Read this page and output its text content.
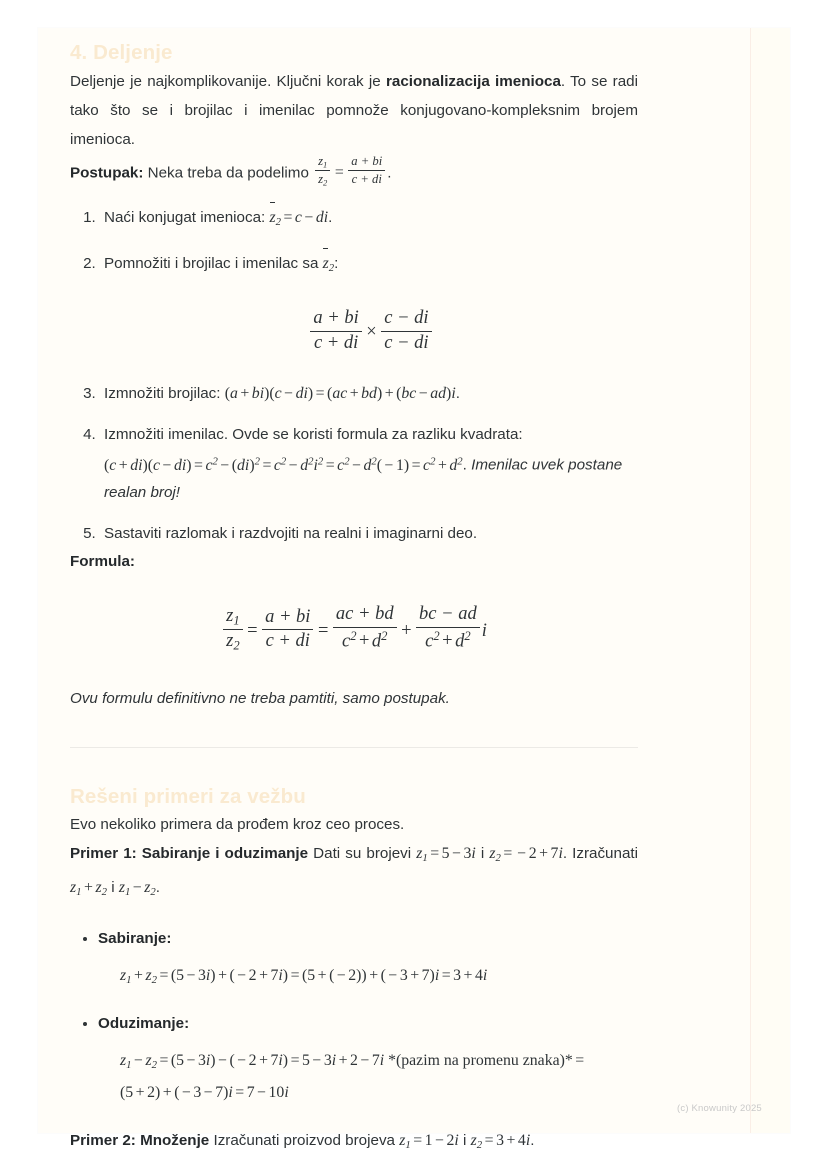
4. Deljenje

Deljenje je najkomplikovanije. Ključni korak je racionalizacija imenioca. To se radi tako što se i brojilac i imenilac pomnože konjugovano-kompleksnim brojem imenioca.

Postupak: Neka treba da podelimo $\frac{z_1}{z_2} = \frac{a + bi}{c + di}$ .

1. Naći konjugat imenioca: $z_2 = c$ − di.
2. Pomnožiti i brojilac i imenilac sa $z_2$:
$\frac{a + bi}{c + di} \times \frac{c - di}{c - di}$
3. Izmnožiti brojilac: (a + bi)(c − di) = (ac + bd) + (bc − ad)i.
4. Izmnožiti imenilac. Ovde se koristi formula za razliku kvadrata: $(c + di)(c - di) = c^2 - (di)^2 = c^2 - d^2i^2 = c^2 - d^2( - 1) = c^2 + d^2$. Imenilac uvek postane realan broj!
5. Sastaviti razlomak i razdvojiti na realni i imaginarni deo.

Formula:

$\frac{z_1}{z_2} = \frac{a + bi}{c + di} = \frac{ac + bd}{c^2 + d^2} + \frac{bc - ad}{c^2 + d^2}$ i

Ovu formulu definitivno ne treba pamtiti, samo postupak.

Rešeni primeri za vežbu

Evo nekoliko primera da prođem kroz ceo proces.

Primer 1: Sabiranje i oduzimanje Dati su brojevi $z_1 = 5 - 3i$ i $z_2$ = − 2 + 7i. Izračunati $z_1 + z_2$ i $z_1 - z_2$.

• Sabiranje:
$z_1 + z_2 = (5 - 3i)$ + ( − 2 + 7i) = (5 + ( − 2)) + ( − 3 + 7)i = 3 + 4i
• Oduzimanje:
$z_1 - z_2 = (5 - 3i)$ − ( − 2 + 7i) = 5 − 3i + 2 − 7i *(pazim na promenu znaka)* = (5 + 2) + ( − 3 − 7)i = 7 − 10i

Primer 2: Množenje Izračunati proizvod brojeva $z_1 = 1 - 2i$ i $z_2 = 3 + 4i$.

(c) Knowunity 2025
